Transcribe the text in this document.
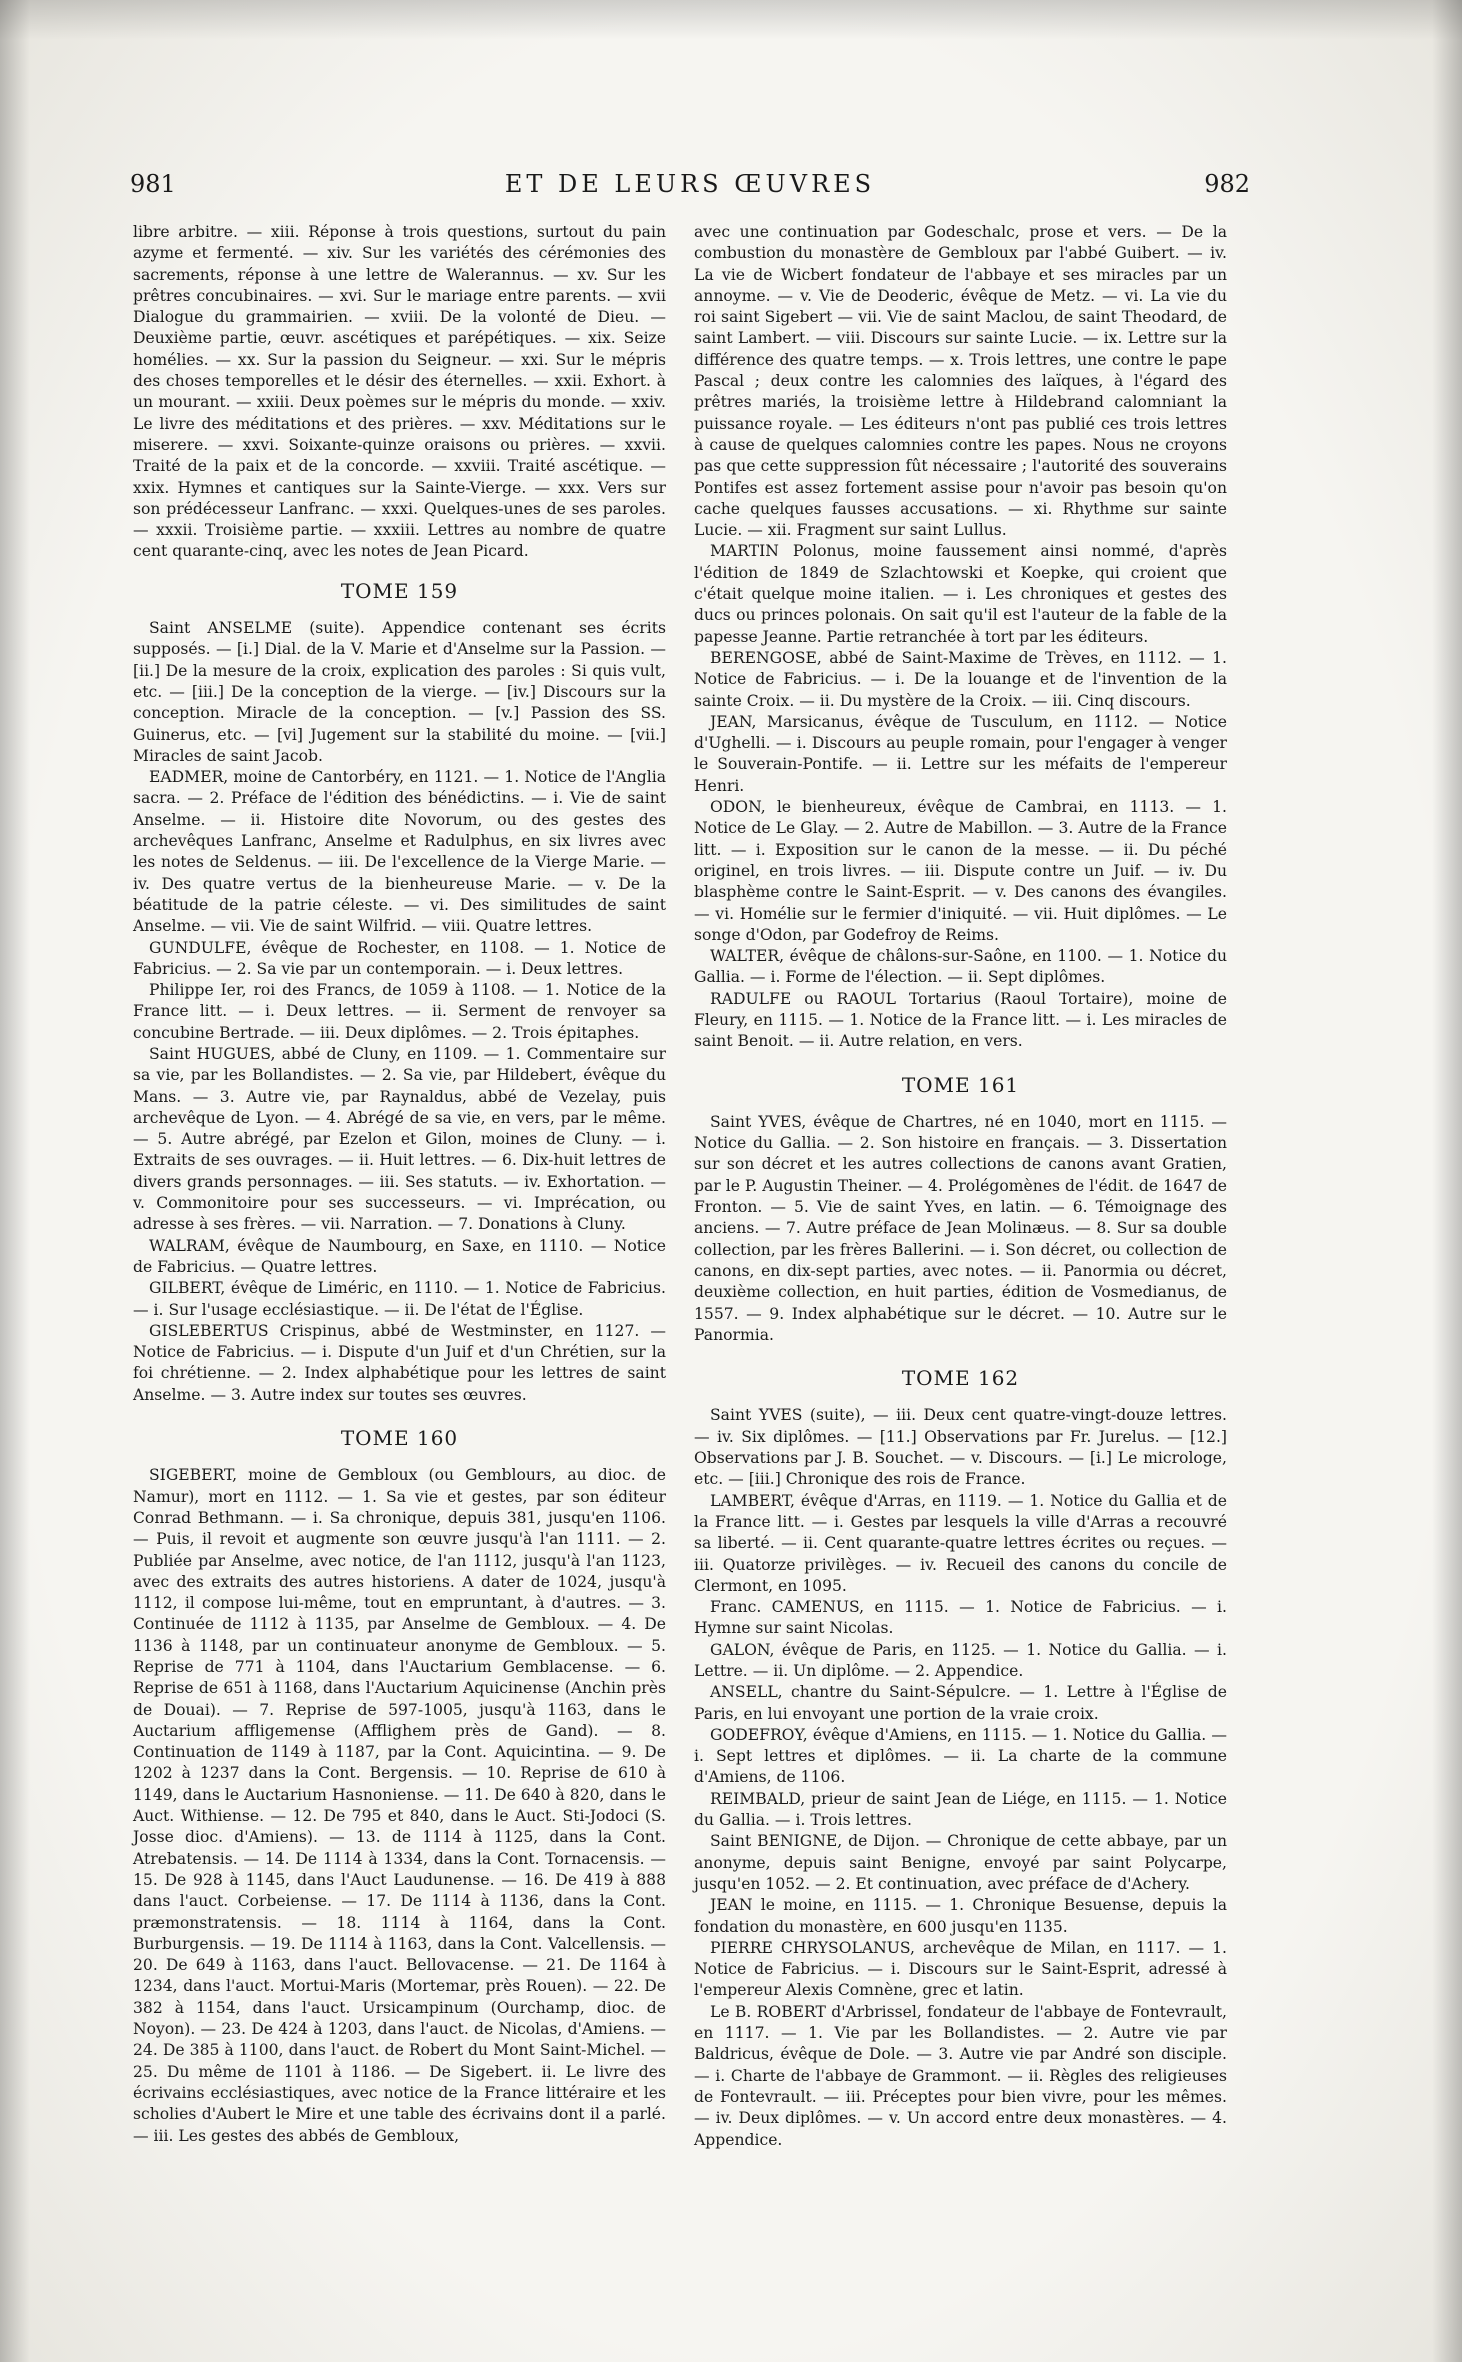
981	ET DE LEURS ŒUVRES	982

libre arbitre. — xiii. Réponse à trois questions, surtout du pain azyme et fermenté. — xiv. Sur les variétés des cérémonies des sacrements, réponse à une lettre de Walerannus. — xv. Sur les prêtres concubinaires. — xvi. Sur le mariage entre parents. — xvii Dialogue du grammairien. — xviii. De la volonté de Dieu. — Deuxième partie, œuvr. ascétiques et parépétiques. — xix. Seize homélies. — xx. Sur la passion du Seigneur. — xxi. Sur le mépris des choses temporelles et le désir des éternelles. — xxii. Exhort. à un mourant. — xxiii. Deux poèmes sur le mépris du monde. — xxiv. Le livre des méditations et des prières. — xxv. Méditations sur le miserere. — xxvi. Soixante-quinze oraisons ou prières. — xxvii. Traité de la paix et de la concorde. — xxviii. Traité ascétique. — xxix. Hymnes et cantiques sur la Sainte-Vierge. — xxx. Vers sur son prédécesseur Lanfranc. — xxxi. Quelques-unes de ses paroles. — xxxii. Troisième partie. — xxxiii. Lettres au nombre de quatre cent quarante-cinq, avec les notes de Jean Picard.

TOME 159

Saint ANSELME (suite). Appendice contenant ses écrits supposés. — [i.] Dial. de la V. Marie et d'Anselme sur la Passion. — [ii.] De la mesure de la croix, explication des paroles : Si quis vult, etc. — [iii.] De la conception de la vierge. — [iv.] Discours sur la conception. Miracle de la conception. — [v.] Passion des SS. Guinerus, etc. — [vi] Jugement sur la stabilité du moine. — [vii.] Miracles de saint Jacob.

EADMER, moine de Cantorbéry, en 1121. — 1. Notice de l'Anglia sacra. — 2. Préface de l'édition des bénédictins. — i. Vie de saint Anselme. — ii. Histoire dite Novorum, ou des gestes des archevêques Lanfranc, Anselme et Radulphus, en six livres avec les notes de Seldenus. — iii. De l'excellence de la Vierge Marie. — iv. Des quatre vertus de la bienheureuse Marie. — v. De la béatitude de la patrie céleste. — vi. Des similitudes de saint Anselme. — vii. Vie de saint Wilfrid. — viii. Quatre lettres.

GUNDULFE, évêque de Rochester, en 1108. — 1. Notice de Fabricius. — 2. Sa vie par un contemporain. — i. Deux lettres.

Philippe Ier, roi des Francs, de 1059 à 1108. — 1. Notice de la France litt. — i. Deux lettres. — ii. Serment de renvoyer sa concubine Bertrade. — iii. Deux diplômes. — 2. Trois épitaphes.

Saint HUGUES, abbé de Cluny, en 1109. — 1. Commentaire sur sa vie, par les Bollandistes. — 2. Sa vie, par Hildebert, évêque du Mans. — 3. Autre vie, par Raynaldus, abbé de Vezelay, puis archevêque de Lyon. — 4. Abrégé de sa vie, en vers, par le même. — 5. Autre abrégé, par Ezelon et Gilon, moines de Cluny. — i. Extraits de ses ouvrages. — ii. Huit lettres. — 6. Dix-huit lettres de divers grands personnages. — iii. Ses statuts. — iv. Exhortation. — v. Commonitoire pour ses successeurs. — vi. Imprécation, ou adresse à ses frères. — vii. Narration. — 7. Donations à Cluny.

WALRAM, évêque de Naumbourg, en Saxe, en 1110. — Notice de Fabricius. — Quatre lettres.

GILBERT, évêque de Liméric, en 1110. — 1. Notice de Fabricius. — i. Sur l'usage ecclésiastique. — ii. De l'état de l'Église.

GISLEBERTUS Crispinus, abbé de Westminster, en 1127. — Notice de Fabricius. — i. Dispute d'un Juif et d'un Chrétien, sur la foi chrétienne. — 2. Index alphabétique pour les lettres de saint Anselme. — 3. Autre index sur toutes ses œuvres.

TOME 160

SIGEBERT, moine de Gembloux (ou Gemblours, au dioc. de Namur), mort en 1112. — 1. Sa vie et gestes, par son éditeur Conrad Bethmann. — i. Sa chronique, depuis 381, jusqu'en 1106. — Puis, il revoit et augmente son œuvre jusqu'à l'an 1111. — 2. Publiée par Anselme, avec notice, de l'an 1112, jusqu'à l'an 1123, avec des extraits des autres historiens. A dater de 1024, jusqu'à 1112, il compose lui-même, tout en empruntant, à d'autres. — 3. Continuée de 1112 à 1135, par Anselme de Gembloux. — 4. De 1136 à 1148, par un continuateur anonyme de Gembloux. — 5. Reprise de 771 à 1104, dans l'Auctarium Gemblacense. — 6. Reprise de 651 à 1168, dans l'Auctarium Aquicinense (Anchin près de Douai). — 7. Reprise de 597-1005, jusqu'à 1163, dans le Auctarium affligemense (Afflighem près de Gand). — 8. Continuation de 1149 à 1187, par la Cont. Aquicintina. — 9. De 1202 à 1237 dans la Cont. Bergensis. — 10. Reprise de 610 à 1149, dans le Auctarium Hasnoniense. — 11. De 640 à 820, dans le Auct. Withiense. — 12. De 795 et 840, dans le Auct. Sti-Jodoci (S. Josse dioc. d'Amiens). — 13. de 1114 à 1125, dans la Cont. Atrebatensis. — 14. De 1114 à 1334, dans la Cont. Tornacensis. — 15. De 928 à 1145, dans l'Auct Laudunense. — 16. De 419 à 888 dans l'auct. Corbeiense. — 17. De 1114 à 1136, dans la Cont. præmonstratensis. — 18. 1114 à 1164, dans la Cont. Burburgensis. — 19. De 1114 à 1163, dans la Cont. Valcellensis. — 20. De 649 à 1163, dans l'auct. Bellovacense. — 21. De 1164 à 1234, dans l'auct. Mortui-Maris (Mortemar, près Rouen). — 22. De 382 à 1154, dans l'auct. Ursicampinum (Ourchamp, dioc. de Noyon). — 23. De 424 à 1203, dans l'auct. de Nicolas, d'Amiens. — 24. De 385 à 1100, dans l'auct. de Robert du Mont Saint-Michel. — 25. Du même de 1101 à 1186. — De Sigebert. ii. Le livre des écrivains ecclésiastiques, avec notice de la France littéraire et les scholies d'Aubert le Mire et une table des écrivains dont il a parlé. — iii. Les gestes des abbés de Gembloux,

avec une continuation par Godeschalc, prose et vers. — De la combustion du monastère de Gembloux par l'abbé Guibert. — iv. La vie de Wicbert fondateur de l'abbaye et ses miracles par un annoyme. — v. Vie de Deoderic, évêque de Metz. — vi. La vie du roi saint Sigebert — vii. Vie de saint Maclou, de saint Theodard, de saint Lambert. — viii. Discours sur sainte Lucie. — ix. Lettre sur la différence des quatre temps. — x. Trois lettres, une contre le pape Pascal ; deux contre les calomnies des laïques, à l'égard des prêtres mariés, la troisième lettre à Hildebrand calomniant la puissance royale. — Les éditeurs n'ont pas publié ces trois lettres à cause de quelques calomnies contre les papes. Nous ne croyons pas que cette suppression fût nécessaire ; l'autorité des souverains Pontifes est assez fortement assise pour n'avoir pas besoin qu'on cache quelques fausses accusations. — xi. Rhythme sur sainte Lucie. — xii. Fragment sur saint Lullus.

MARTIN Polonus, moine faussement ainsi nommé, d'après l'édition de 1849 de Szlachtowski et Koepke, qui croient que c'était quelque moine italien. — i. Les chroniques et gestes des ducs ou princes polonais. On sait qu'il est l'auteur de la fable de la papesse Jeanne. Partie retranchée à tort par les éditeurs.

BERENGOSE, abbé de Saint-Maxime de Trèves, en 1112. — 1. Notice de Fabricius. — i. De la louange et de l'invention de la sainte Croix. — ii. Du mystère de la Croix. — iii. Cinq discours.

JEAN, Marsicanus, évêque de Tusculum, en 1112. — Notice d'Ughelli. — i. Discours au peuple romain, pour l'engager à venger le Souverain-Pontife. — ii. Lettre sur les méfaits de l'empereur Henri.

ODON, le bienheureux, évêque de Cambrai, en 1113. — 1. Notice de Le Glay. — 2. Autre de Mabillon. — 3. Autre de la France litt. — i. Exposition sur le canon de la messe. — ii. Du péché originel, en trois livres. — iii. Dispute contre un Juif. — iv. Du blasphème contre le Saint-Esprit. — v. Des canons des évangiles. — vi. Homélie sur le fermier d'iniquité. — vii. Huit diplômes. — Le songe d'Odon, par Godefroy de Reims.

WALTER, évêque de châlons-sur-Saône, en 1100. — 1. Notice du Gallia. — i. Forme de l'élection. — ii. Sept diplômes.

RADULFE ou RAOUL Tortarius (Raoul Tortaire), moine de Fleury, en 1115. — 1. Notice de la France litt. — i. Les miracles de saint Benoit. — ii. Autre relation, en vers.

TOME 161

Saint YVES, évêque de Chartres, né en 1040, mort en 1115. — Notice du Gallia. — 2. Son histoire en français. — 3. Dissertation sur son décret et les autres collections de canons avant Gratien, par le P. Augustin Theiner. — 4. Prolégomènes de l'édit. de 1647 de Fronton. — 5. Vie de saint Yves, en latin. — 6. Témoignage des anciens. — 7. Autre préface de Jean Molinæus. — 8. Sur sa double collection, par les frères Ballerini. — i. Son décret, ou collection de canons, en dix-sept parties, avec notes. — ii. Panormia ou décret, deuxième collection, en huit parties, édition de Vosmedianus, de 1557. — 9. Index alphabétique sur le décret. — 10. Autre sur le Panormia.

TOME 162

Saint YVES (suite), — iii. Deux cent quatre-vingt-douze lettres. — iv. Six diplômes. — [11.] Observations par Fr. Jurelus. — [12.] Observations par J. B. Souchet. — v. Discours. — [i.] Le microloge, etc. — [iii.] Chronique des rois de France.

LAMBERT, évêque d'Arras, en 1119. — 1. Notice du Gallia et de la France litt. — i. Gestes par lesquels la ville d'Arras a recouvré sa liberté. — ii. Cent quarante-quatre lettres écrites ou reçues. — iii. Quatorze privilèges. — iv. Recueil des canons du concile de Clermont, en 1095.

Franc. CAMENUS, en 1115. — 1. Notice de Fabricius. — i. Hymne sur saint Nicolas.

GALON, évêque de Paris, en 1125. — 1. Notice du Gallia. — i. Lettre. — ii. Un diplôme. — 2. Appendice.

ANSELL, chantre du Saint-Sépulcre. — 1. Lettre à l'Église de Paris, en lui envoyant une portion de la vraie croix.

GODEFROY, évêque d'Amiens, en 1115. — 1. Notice du Gallia. — i. Sept lettres et diplômes. — ii. La charte de la commune d'Amiens, de 1106.

REIMBALD, prieur de saint Jean de Liége, en 1115. — 1. Notice du Gallia. — i. Trois lettres.

Saint BENIGNE, de Dijon. — Chronique de cette abbaye, par un anonyme, depuis saint Benigne, envoyé par saint Polycarpe, jusqu'en 1052. — 2. Et continuation, avec préface de d'Achery.

JEAN le moine, en 1115. — 1. Chronique Besuense, depuis la fondation du monastère, en 600 jusqu'en 1135.

PIERRE CHRYSOLANUS, archevêque de Milan, en 1117. — 1. Notice de Fabricius. — i. Discours sur le Saint-Esprit, adressé à l'empereur Alexis Comnène, grec et latin.

Le B. ROBERT d'Arbrissel, fondateur de l'abbaye de Fontevrault, en 1117. — 1. Vie par les Bollandistes. — 2. Autre vie par Baldricus, évêque de Dole. — 3. Autre vie par André son disciple. — i. Charte de l'abbaye de Grammont. — ii. Règles des religieuses de Fontevrault. — iii. Préceptes pour bien vivre, pour les mêmes. — iv. Deux diplômes. — v. Un accord entre deux monastères. — 4. Appendice.
